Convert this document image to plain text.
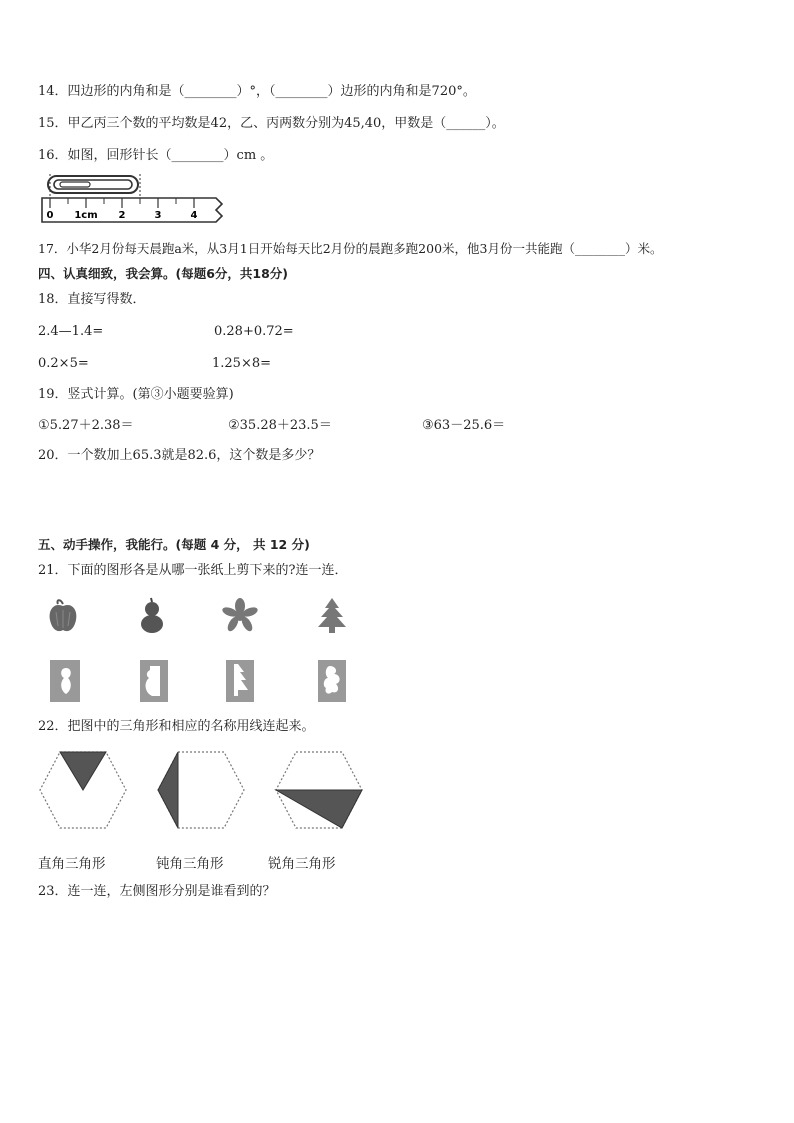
14．四边形的内角和是（________）°，（________）边形的内角和是720°。
15．甲乙丙三个数的平均数是42，乙、丙两数分别为45,40，甲数是（______）。
16．如图，回形针长（________）cm 。
0 1cm 2	3	4
17．小华2月份每天晨跑a米，从3月1日开始每天比2月份的晨跑多跑200米，他3月份一共能跑（________）米。
四、认真细致，我会算。(每题6分，共18分)
18．直接写得数．
2.4—1.4=	0.28+0.72=
0.2×5=	1.25×8=
19．竖式计算。(第③小题要验算)
①5.27＋2.38＝	②35.28＋23.5＝	③63－25.6＝
20．一个数加上65.3就是82.6，这个数是多少？
五、动手操作，我能行。(每题 4 分， 共 12 分)
21．下面的图形各是从哪一张纸上剪下来的?连一连．
22．把图中的三角形和相应的名称用线连起来。
直角三角形	钝角三角形	锐角三角形
23．连一连，左侧图形分别是谁看到的？
